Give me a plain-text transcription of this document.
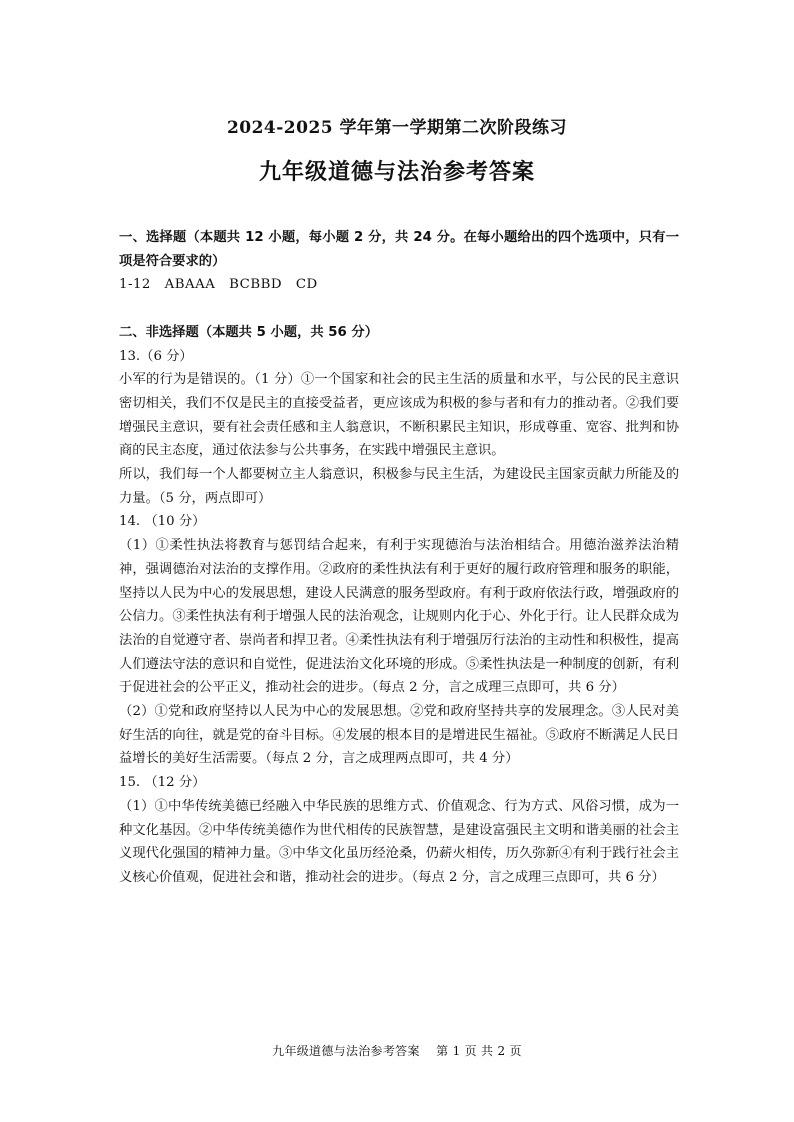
2024-2025 学年第一学期第二次阶段练习
九年级道德与法治参考答案

一、选择题（本题共 12 小题，每小题 2 分，共 24 分。在每小题给出的四个选项中，只有一项是符合要求的）

1-12　ABAAA　BCBBD　CD

二、非选择题（本题共 5 小题，共 56 分）

13.（6 分）

小军的行为是错误的。（1 分）①一个国家和社会的民主生活的质量和水平，与公民的民主意识密切相关，我们不仅是民主的直接受益者，更应该成为积极的参与者和有力的推动者。②我们要增强民主意识，要有社会责任感和主人翁意识，不断积累民主知识，形成尊重、宽容、批判和协商的民主态度，通过依法参与公共事务，在实践中增强民主意识。

所以，我们每一个人都要树立主人翁意识，积极参与民主生活，为建设民主国家贡献力所能及的力量。（5 分，两点即可）

14. （10 分）

（1）①柔性执法将教育与惩罚结合起来，有利于实现德治与法治相结合。用德治滋养法治精神，强调德治对法治的支撑作用。②政府的柔性执法有利于更好的履行政府管理和服务的职能，坚持以人民为中心的发展思想，建设人民满意的服务型政府。有利于政府依法行政，增强政府的公信力。③柔性执法有利于增强人民的法治观念，让规则内化于心、外化于行。让人民群众成为法治的自觉遵守者、崇尚者和捍卫者。④柔性执法有利于增强厉行法治的主动性和积极性，提高人们遵法守法的意识和自觉性，促进法治文化环境的形成。⑤柔性执法是一种制度的创新，有利于促进社会的公平正义，推动社会的进步。（每点 2 分，言之成理三点即可，共 6 分）

（2）①党和政府坚持以人民为中心的发展思想。②党和政府坚持共享的发展理念。③人民对美好生活的向往，就是党的奋斗目标。④发展的根本目的是增进民生福祉。⑤政府不断满足人民日益增长的美好生活需要。（每点 2 分，言之成理两点即可，共 4 分）

15. （12 分）

（1）①中华传统美德已经融入中华民族的思维方式、价值观念、行为方式、风俗习惯，成为一种文化基因。②中华传统美德作为世代相传的民族智慧，是建设富强民主文明和谐美丽的社会主义现代化强国的精神力量。③中华文化虽历经沧桑，仍薪火相传，历久弥新④有利于践行社会主义核心价值观，促进社会和谐，推动社会的进步。（每点 2 分，言之成理三点即可，共 6 分）

九年级道德与法治参考答案　 第 1 页 共 2 页
